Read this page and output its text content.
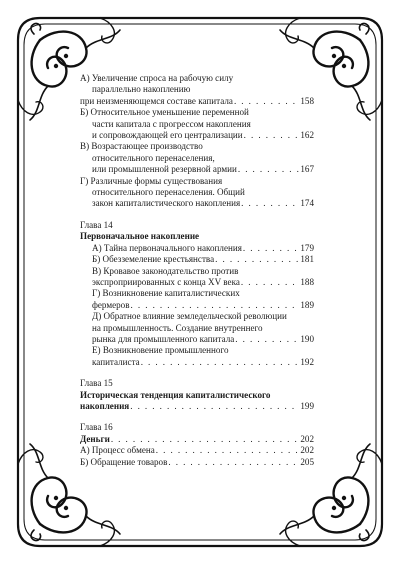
А) Увеличение спроса на рабочую силу
параллельно накоплению
при неизменяющемся составе капитала . . .	158
Б) Относительное уменьшение переменной
части капитала с прогрессом накопления
и сопровождающей его централизации . . .	162
В) Возрастающее производство
относительного перенаселения,
или промышленной резервной армии . . .	167
Г) Различные формы существования
относительного перенаселения. Общий
закон капиталистического накопления . . .	174
Глава 14
Первоначальное накопление
А) Тайна первоначального накопления . . .	179
Б) Обезземеление крестьянства . . .	181
В) Кровавое законодательство против
экспроприированных с конца XV века . . .	188
Г) Возникновение капиталистических
фермеров . . .	189
Д) Обратное влияние земледельческой революции
на промышленность. Создание внутреннего
рынка для промышленного капитала . . .	190
Е) Возникновение промышленного
капиталиста . . .	192
Глава 15
Историческая тенденция капиталистического
накопления . . .	199
Глава 16
Деньги . . .	202
А) Процесс обмена . . .	202
Б) Обращение товаров . . .	205
